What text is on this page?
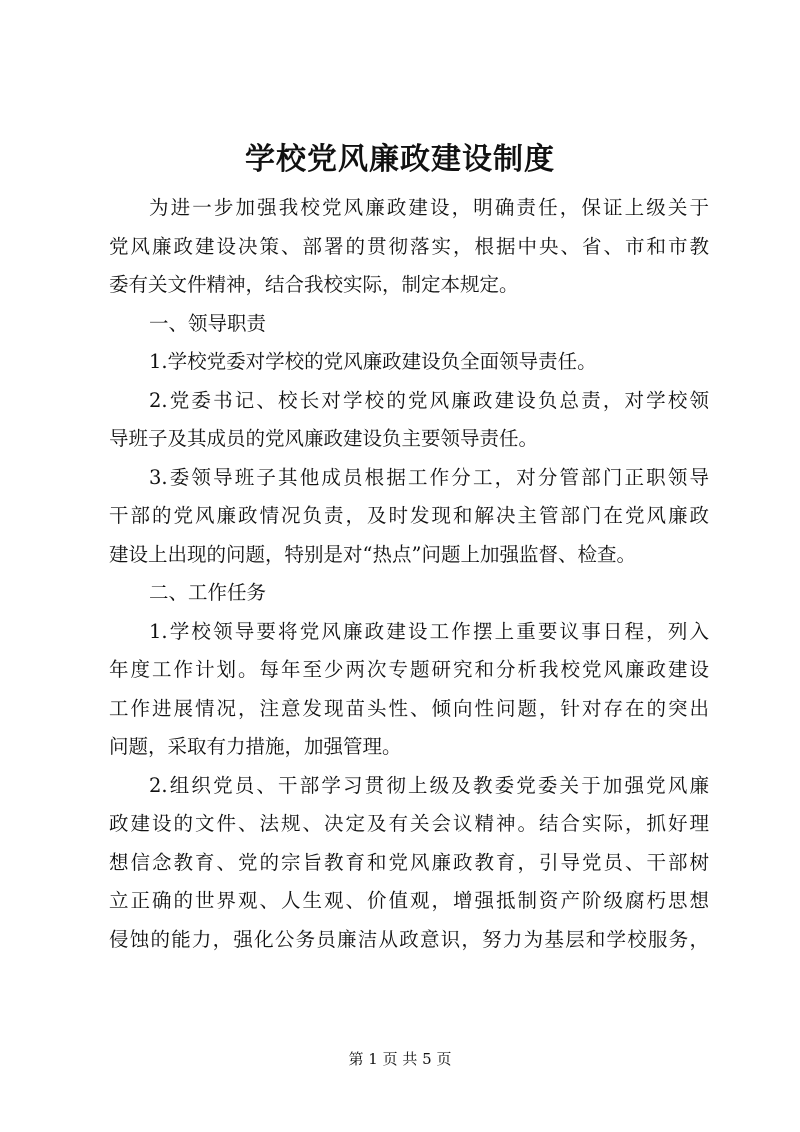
学校党风廉政建设制度
为进一步加强我校党风廉政建设，明确责任，保证上级关于
党风廉政建设决策、部署的贯彻落实，根据中央、省、市和市教
委有关文件精神，结合我校实际，制定本规定。
一、领导职责
1.学校党委对学校的党风廉政建设负全面领导责任。
2.党委书记、校长对学校的党风廉政建设负总责，对学校领
导班子及其成员的党风廉政建设负主要领导责任。
3.委领导班子其他成员根据工作分工，对分管部门正职领导
干部的党风廉政情况负责，及时发现和解决主管部门在党风廉政
建设上出现的问题，特别是对“热点”问题上加强监督、检查。
二、工作任务
1.学校领导要将党风廉政建设工作摆上重要议事日程，列入
年度工作计划。每年至少两次专题研究和分析我校党风廉政建设
工作进展情况，注意发现苗头性、倾向性问题，针对存在的突出
问题，采取有力措施，加强管理。
2.组织党员、干部学习贯彻上级及教委党委关于加强党风廉
政建设的文件、法规、决定及有关会议精神。结合实际，抓好理
想信念教育、党的宗旨教育和党风廉政教育，引导党员、干部树
立正确的世界观、人生观、价值观，增强抵制资产阶级腐朽思想
侵蚀的能力，强化公务员廉洁从政意识，努力为基层和学校服务，
第 1 页 共 5 页
